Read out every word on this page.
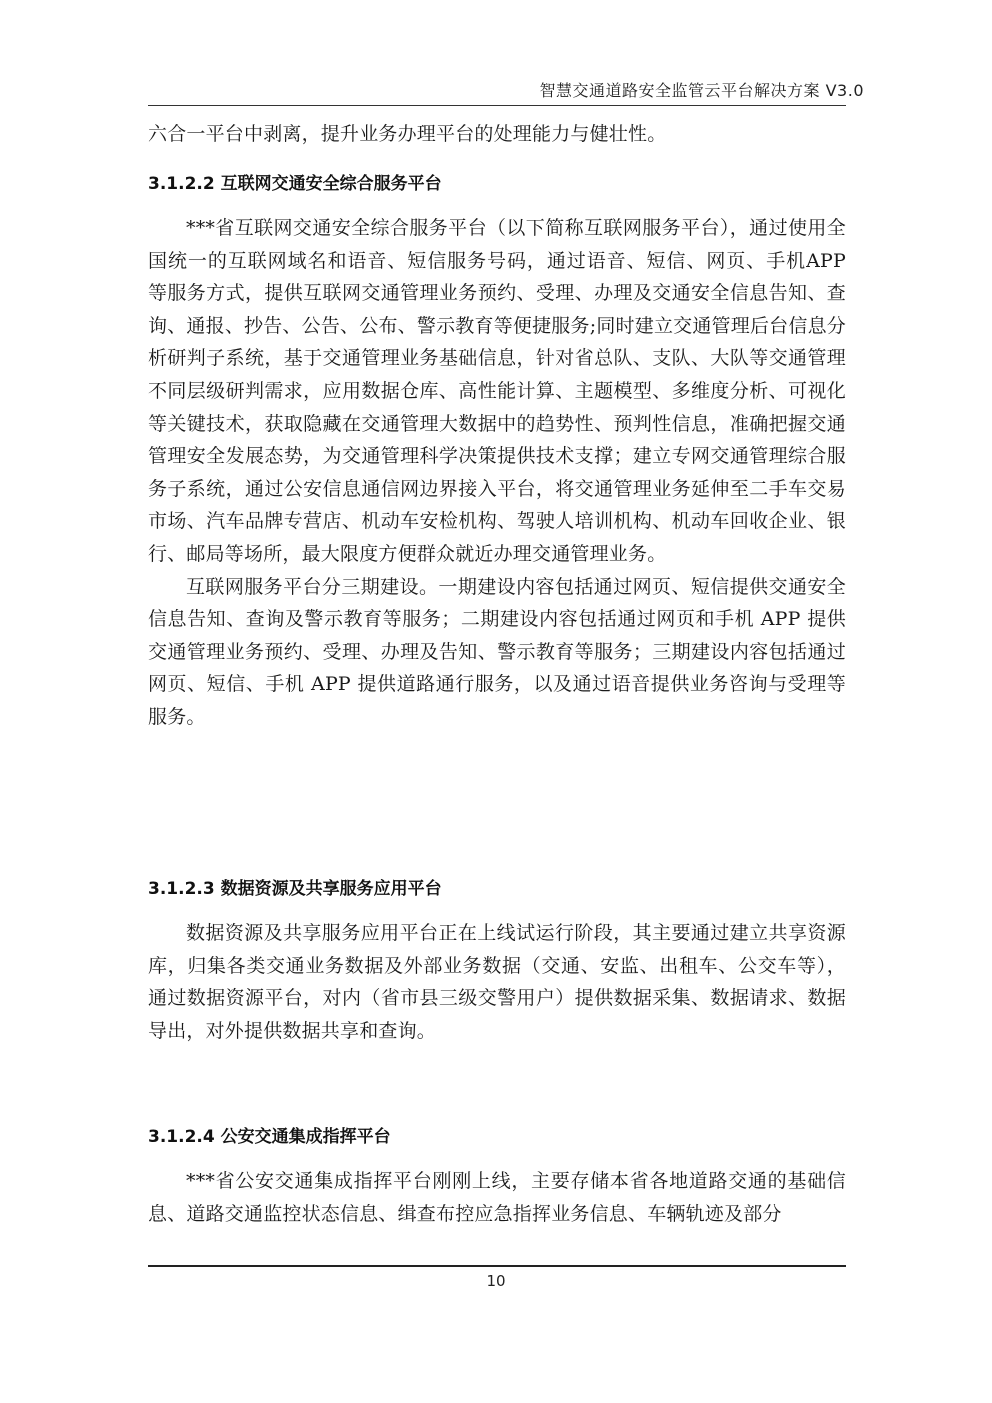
智慧交通道路安全监管云平台解决方案 V3.0

六合一平台中剥离，提升业务办理平台的处理能力与健壮性。

3.1.2.2 互联网交通安全综合服务平台

***省互联网交通安全综合服务平台（以下简称互联网服务平台），通过使用全国统一的互联网域名和语音、短信服务号码，通过语音、短信、网页、手机APP 等服务方式，提供互联网交通管理业务预约、受理、办理及交通安全信息告知、查询、通报、抄告、公告、公布、警示教育等便捷服务;同时建立交通管理后台信息分析研判子系统，基于交通管理业务基础信息，针对省总队、支队、大队等交通管理不同层级研判需求，应用数据仓库、高性能计算、主题模型、多维度分析、可视化等关键技术，获取隐藏在交通管理大数据中的趋势性、预判性信息，准确把握交通管理安全发展态势，为交通管理科学决策提供技术支撑；建立专网交通管理综合服务子系统，通过公安信息通信网边界接入平台，将交通管理业务延伸至二手车交易市场、汽车品牌专营店、机动车安检机构、驾驶人培训机构、机动车回收企业、银行、邮局等场所，最大限度方便群众就近办理交通管理业务。

互联网服务平台分三期建设。一期建设内容包括通过网页、短信提供交通安全信息告知、查询及警示教育等服务；二期建设内容包括通过网页和手机 APP 提供交通管理业务预约、受理、办理及告知、警示教育等服务；三期建设内容包括通过网页、短信、手机 APP 提供道路通行服务，以及通过语音提供业务咨询与受理等服务。

3.1.2.3 数据资源及共享服务应用平台

数据资源及共享服务应用平台正在上线试运行阶段，其主要通过建立共享资源库，归集各类交通业务数据及外部业务数据（交通、安监、出租车、公交车等），通过数据资源平台，对内（省市县三级交警用户）提供数据采集、数据请求、数据导出，对外提供数据共享和查询。

3.1.2.4 公安交通集成指挥平台

***省公安交通集成指挥平台刚刚上线，主要存储本省各地道路交通的基础信息、道路交通监控状态信息、缉查布控应急指挥业务信息、车辆轨迹及部分

10
